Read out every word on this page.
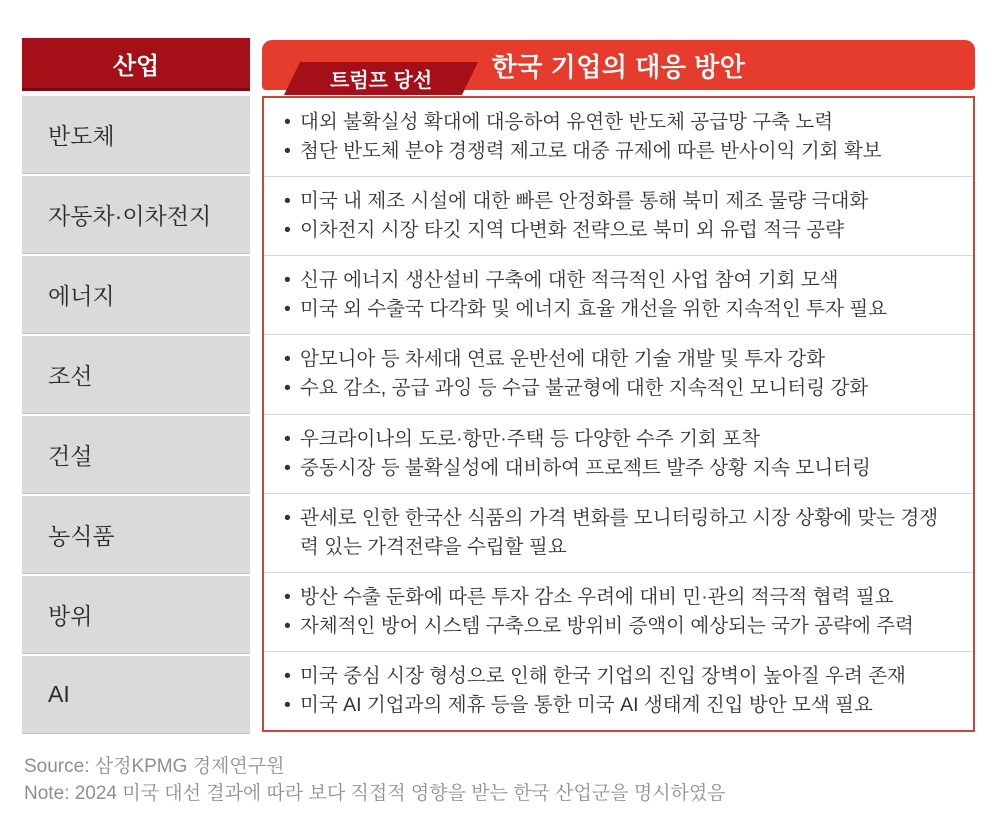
산업
반도체
자동차·이차전지
에너지
조선
건설
농식품
방위
AI
트럼프 당선 한국 기업의 대응 방안
• 대외 불확실성 확대에 대응하여 유연한 반도체 공급망 구축 노력
• 첨단 반도체 분야 경쟁력 제고로 대중 규제에 따른 반사이익 기회 확보
• 미국 내 제조 시설에 대한 빠른 안정화를 통해 북미 제조 물량 극대화
• 이차전지 시장 타깃 지역 다변화 전략으로 북미 외 유럽 적극 공략
• 신규 에너지 생산설비 구축에 대한 적극적인 사업 참여 기회 모색
• 미국 외 수출국 다각화 및 에너지 효율 개선을 위한 지속적인 투자 필요
• 암모니아 등 차세대 연료 운반선에 대한 기술 개발 및 투자 강화
• 수요 감소, 공급 과잉 등 수급 불균형에 대한 지속적인 모니터링 강화
• 우크라이나의 도로·항만·주택 등 다양한 수주 기회 포착
• 중동시장 등 불확실성에 대비하여 프로젝트 발주 상황 지속 모니터링
• 관세로 인한 한국산 식품의 가격 변화를 모니터링하고 시장 상황에 맞는 경쟁력 있는 가격전략을 수립할 필요
• 방산 수출 둔화에 따른 투자 감소 우려에 대비 민·관의 적극적 협력 필요
• 자체적인 방어 시스템 구축으로 방위비 증액이 예상되는 국가 공략에 주력
• 미국 중심 시장 형성으로 인해 한국 기업의 진입 장벽이 높아질 우려 존재
• 미국 AI 기업과의 제휴 등을 통한 미국 AI 생태계 진입 방안 모색 필요
Source: 삼정KPMG 경제연구원
Note: 2024 미국 대선 결과에 따라 보다 직접적 영향을 받는 한국 산업군을 명시하였음
